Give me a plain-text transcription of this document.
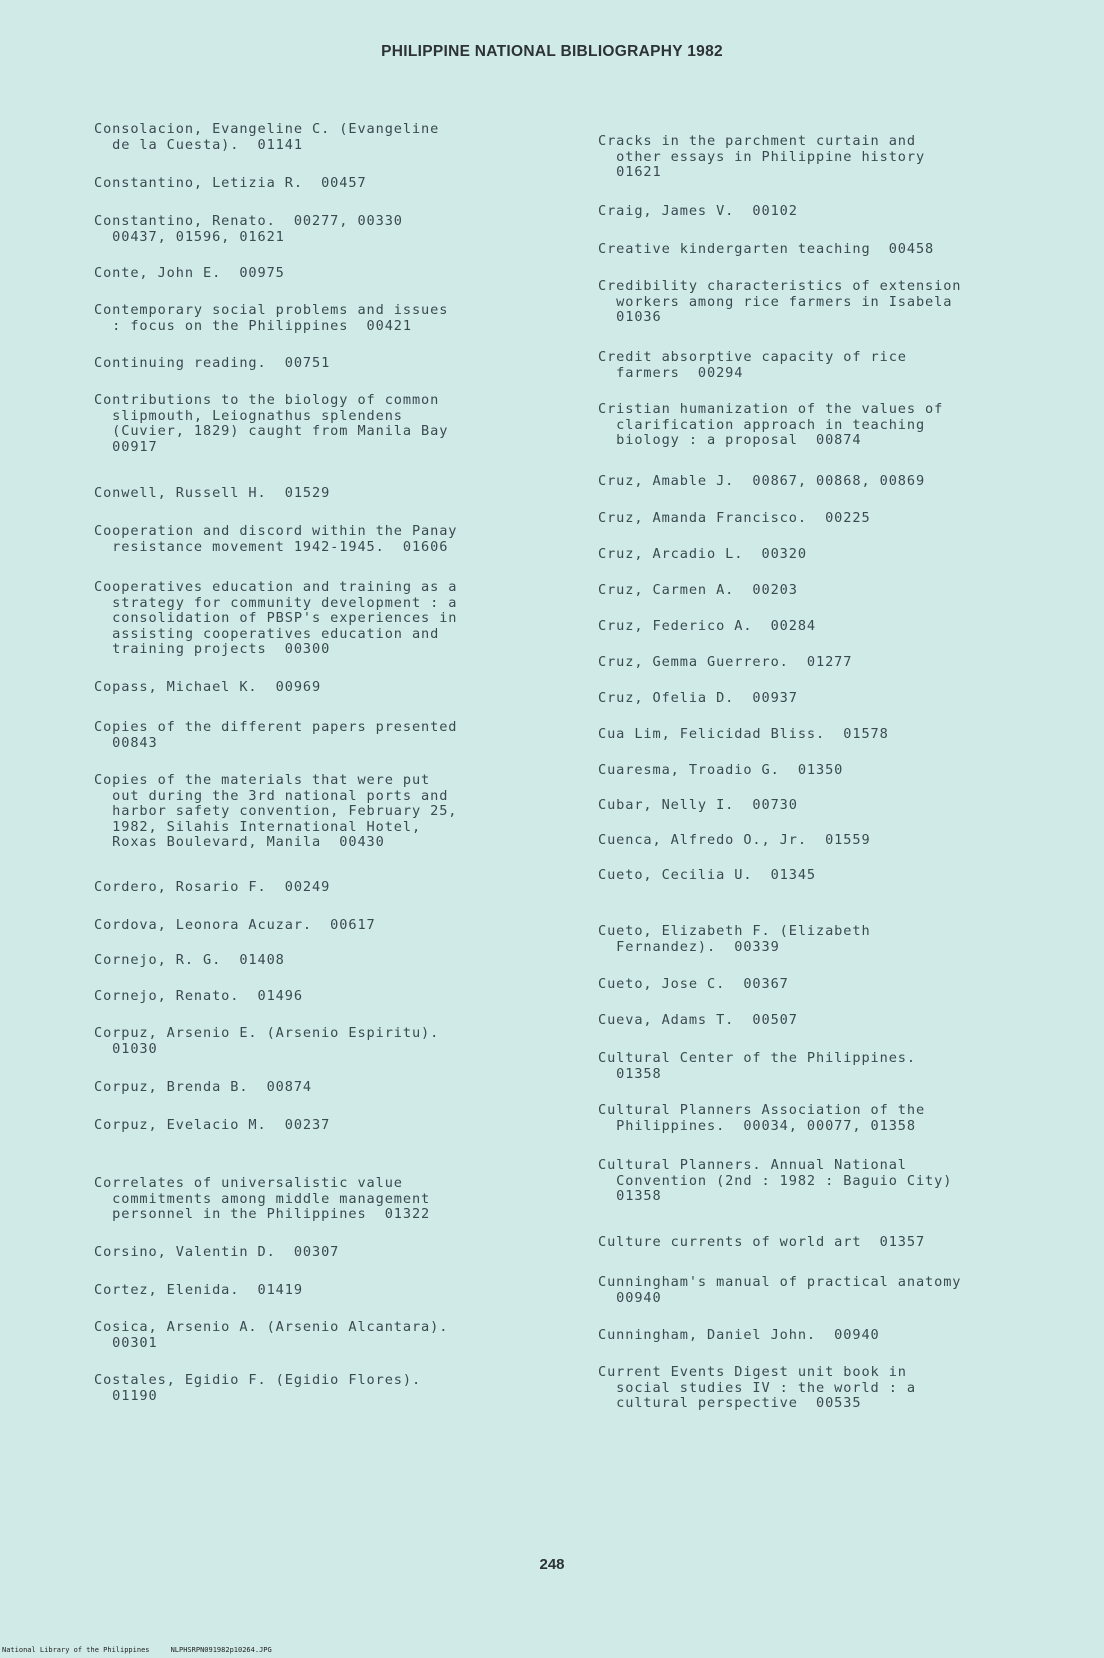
PHILIPPINE NATIONAL BIBLIOGRAPHY 1982
Consolacion, Evangeline C. (Evangeline
de la Cuesta).  01141
Constantino, Letizia R.  00457
Constantino, Renato.  00277, 00330
00437, 01596, 01621
Conte, John E.  00975
Contemporary social problems and issues
: focus on the Philippines  00421
Continuing reading.  00751
Contributions to the biology of common
slipmouth, Leiognathus splendens
(Cuvier, 1829) caught from Manila Bay
00917
Conwell, Russell H.  01529
Cooperation and discord within the Panay
resistance movement 1942-1945.  01606
Cooperatives education and training as a
strategy for community development : a
consolidation of PBSP's experiences in
assisting cooperatives education and
training projects  00300
Copass, Michael K.  00969
Copies of the different papers presented
00843
Copies of the materials that were put
out during the 3rd national ports and
harbor safety convention, February 25,
1982, Silahis International Hotel,
Roxas Boulevard, Manila  00430
Cordero, Rosario F.  00249
Cordova, Leonora Acuzar.  00617
Cornejo, R. G.  01408
Cornejo, Renato.  01496
Corpuz, Arsenio E. (Arsenio Espiritu).
01030
Corpuz, Brenda B.  00874
Corpuz, Evelacio M.  00237
Correlates of universalistic value
commitments among middle management
personnel in the Philippines  01322
Corsino, Valentin D.  00307
Cortez, Elenida.  01419
Cosica, Arsenio A. (Arsenio Alcantara).
00301
Costales, Egidio F. (Egidio Flores).
01190
Cracks in the parchment curtain and
other essays in Philippine history
01621
Craig, James V.  00102
Creative kindergarten teaching  00458
Credibility characteristics of extension
workers among rice farmers in Isabela
01036
Credit absorptive capacity of rice
farmers  00294
Cristian humanization of the values of
clarification approach in teaching
biology : a proposal  00874
Cruz, Amable J.  00867, 00868, 00869
Cruz, Amanda Francisco.  00225
Cruz, Arcadio L.  00320
Cruz, Carmen A.  00203
Cruz, Federico A.  00284
Cruz, Gemma Guerrero.  01277
Cruz, Ofelia D.  00937
Cua Lim, Felicidad Bliss.  01578
Cuaresma, Troadio G.  01350
Cubar, Nelly I.  00730
Cuenca, Alfredo O., Jr.  01559
Cueto, Cecilia U.  01345
Cueto, Elizabeth F. (Elizabeth
Fernandez).  00339
Cueto, Jose C.  00367
Cueva, Adams T.  00507
Cultural Center of the Philippines.
01358
Cultural Planners Association of the
Philippines.  00034, 00077, 01358
Cultural Planners. Annual National
Convention (2nd : 1982 : Baguio City)
01358
Culture currents of world art  01357
Cunningham's manual of practical anatomy
00940
Cunningham, Daniel John.  00940
Current Events Digest unit book in
social studies IV : the world : a
cultural perspective  00535
248
National Library of the Philippines     NLPHSRPN091982p10264.JPG
